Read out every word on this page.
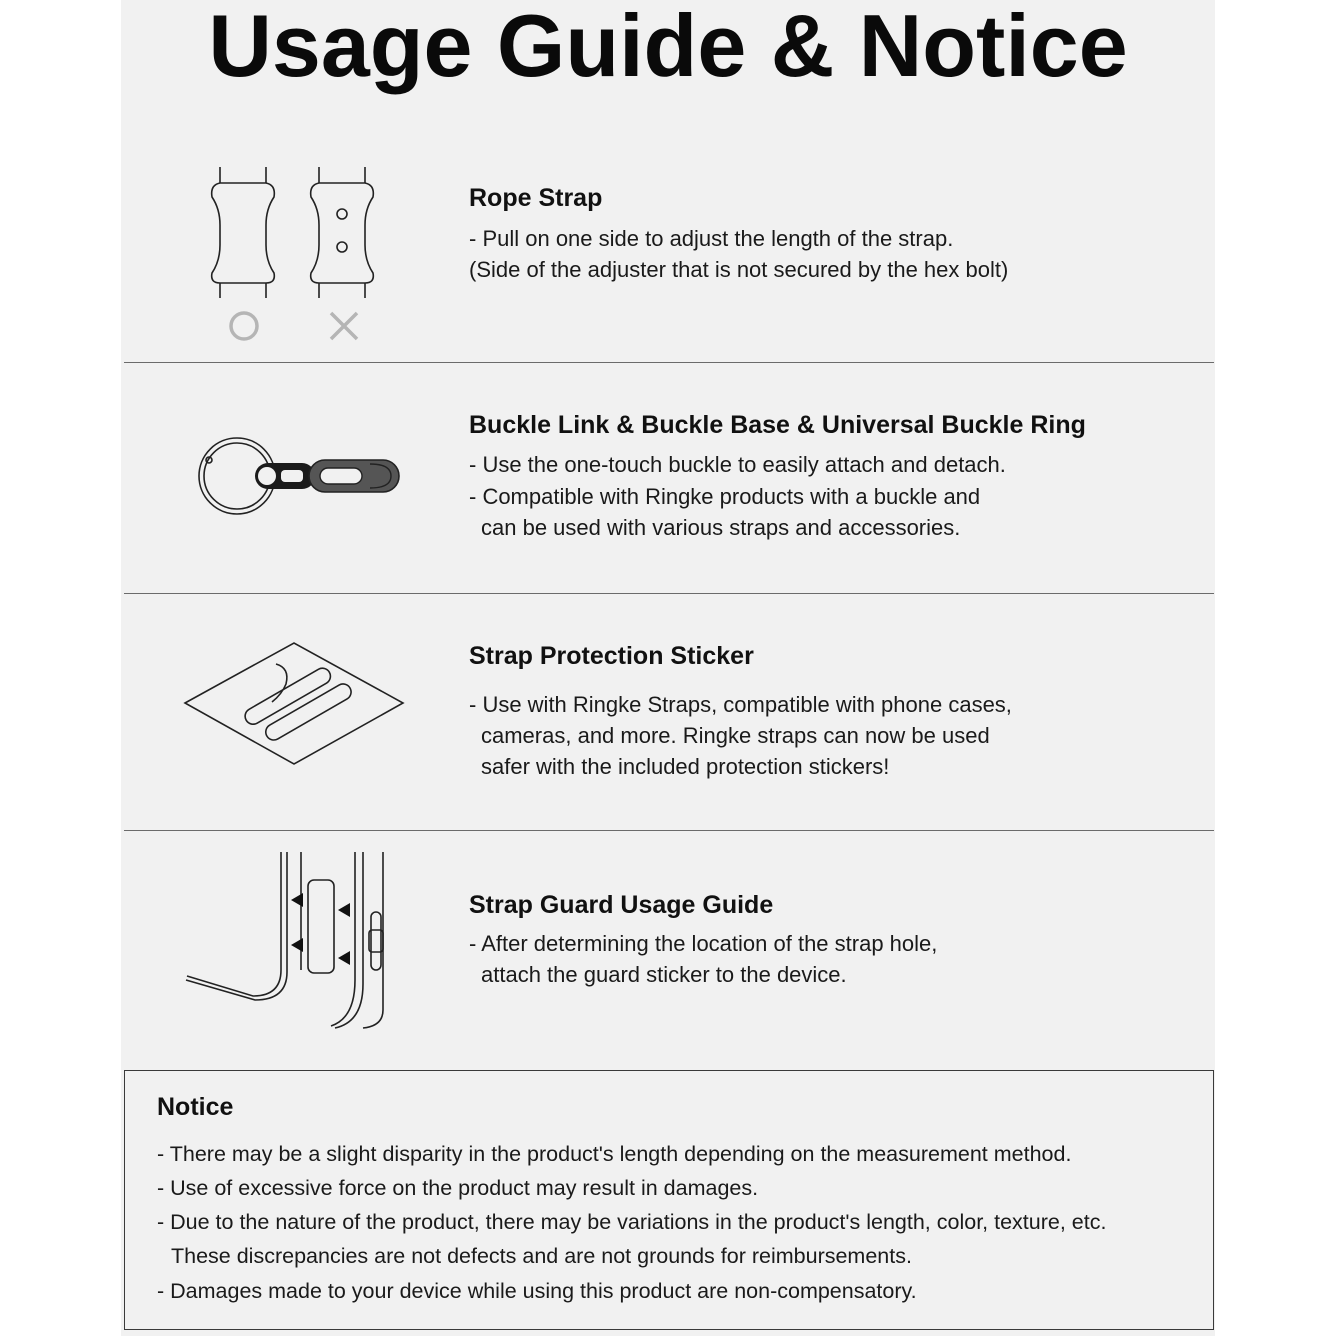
Usage Guide & Notice
Rope Strap
- Pull on one side to adjust the length of the strap.
(Side of the adjuster that is not secured by the hex bolt)
Buckle Link & Buckle Base & Universal Buckle Ring
- Use the one-touch buckle to easily attach and detach.
- Compatible with Ringke products with a buckle and
can be used with various straps and accessories.
Strap Protection Sticker
- Use with Ringke Straps, compatible with phone cases,
cameras, and more. Ringke straps can now be used
safer with the included protection stickers!
Strap Guard Usage Guide
- After determining the location of the strap hole,
attach the guard sticker to the device.
Notice
- There may be a slight disparity in the product's length depending on the measurement method.
- Use of excessive force on the product may result in damages.
- Due to the nature of the product, there may be variations in the product's length, color, texture, etc.
These discrepancies are not defects and are not grounds for reimbursements.
- Damages made to your device while using this product are non-compensatory.
